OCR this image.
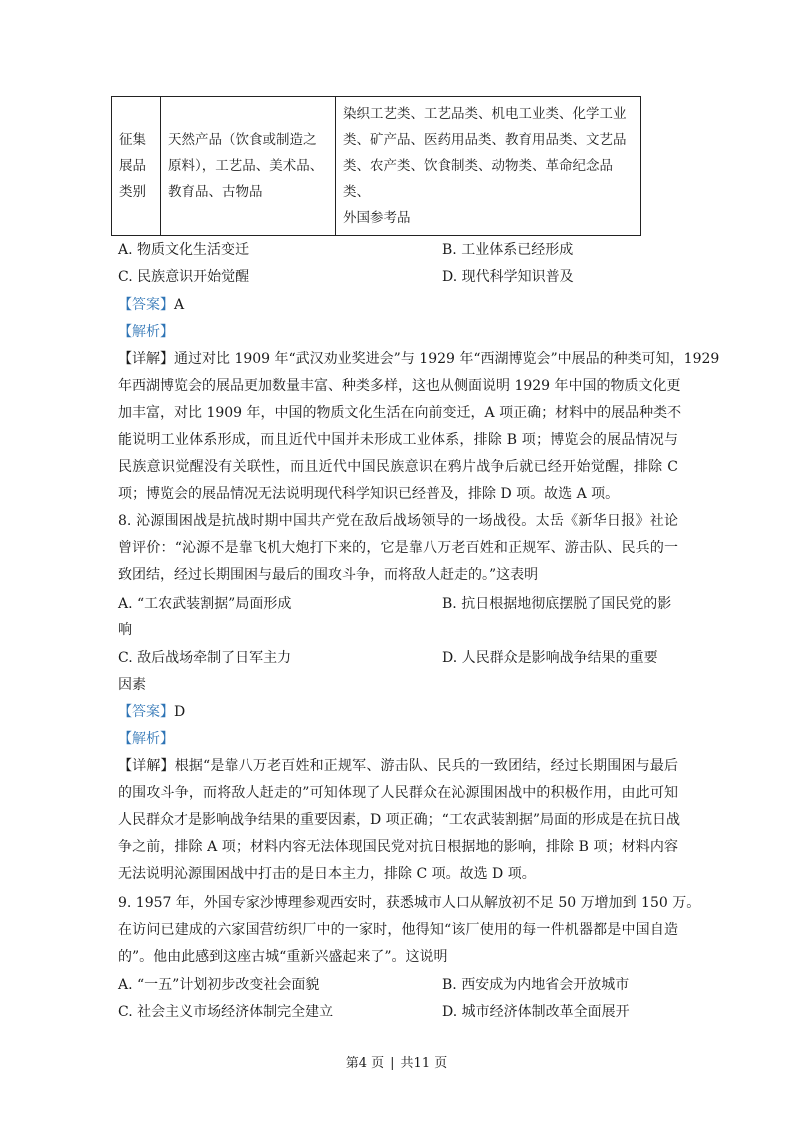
征集
展品
类别

天然产品（饮食或制造之
原料），工艺品、美术品、
教育品、古物品

染织工艺类、工艺品类、机电工业类、化学工业
类、矿产品、医药用品类、教育用品类、文艺品
类、农产类、饮食制类、动物类、革命纪念品类、
外国参考品
A. 物质文化生活变迁	B. 工业体系已经形成
C. 民族意识开始觉醒	D. 现代科学知识普及
【答案】A
【解析】
【详解】通过对比 1909 年“武汉劝业奖进会”与 1929 年“西湖博览会”中展品的种类可知，1929
年西湖博览会的展品更加数量丰富、种类多样，这也从侧面说明 1929 年中国的物质文化更
加丰富，对比 1909 年，中国的物质文化生活在向前变迁，A 项正确；材料中的展品种类不
能说明工业体系形成，而且近代中国并未形成工业体系，排除 B 项；博览会的展品情况与
民族意识觉醒没有关联性，而且近代中国民族意识在鸦片战争后就已经开始觉醒，排除 C
项；博览会的展品情况无法说明现代科学知识已经普及，排除 D 项。故选 A 项。
8. 沁源围困战是抗战时期中国共产党在敌后战场领导的一场战役。太岳《新华日报》社论
曾评价：“沁源不是靠飞机大炮打下来的，它是靠八万老百姓和正规军、游击队、民兵的一
致团结，经过长期围困与最后的围攻斗争，而将敌人赶走的。”这表明
A. “工农武装割据”局面形成	B. 抗日根据地彻底摆脱了国民党的影
响
C. 敌后战场牵制了日军主力	D. 人民群众是影响战争结果的重要
因素
【答案】D
【解析】
【详解】根据“是靠八万老百姓和正规军、游击队、民兵的一致团结，经过长期围困与最后
的围攻斗争，而将敌人赶走的”可知体现了人民群众在沁源围困战中的积极作用，由此可知
人民群众才是影响战争结果的重要因素，D 项正确；“工农武装割据”局面的形成是在抗日战
争之前，排除 A 项；材料内容无法体现国民党对抗日根据地的影响，排除 B 项；材料内容
无法说明沁源围困战中打击的是日本主力，排除 C 项。故选 D 项。
9. 1957 年，外国专家沙博理参观西安时，获悉城市人口从解放初不足 50 万增加到 150 万。
在访问已建成的六家国营纺织厂中的一家时，他得知“该厂使用的每一件机器都是中国自造
的”。他由此感到这座古城“重新兴盛起来了”。这说明
A. “一五”计划初步改变社会面貌	B. 西安成为内地省会开放城市
C. 社会主义市场经济体制完全建立	D. 城市经济体制改革全面展开
第4 页 | 共11 页
